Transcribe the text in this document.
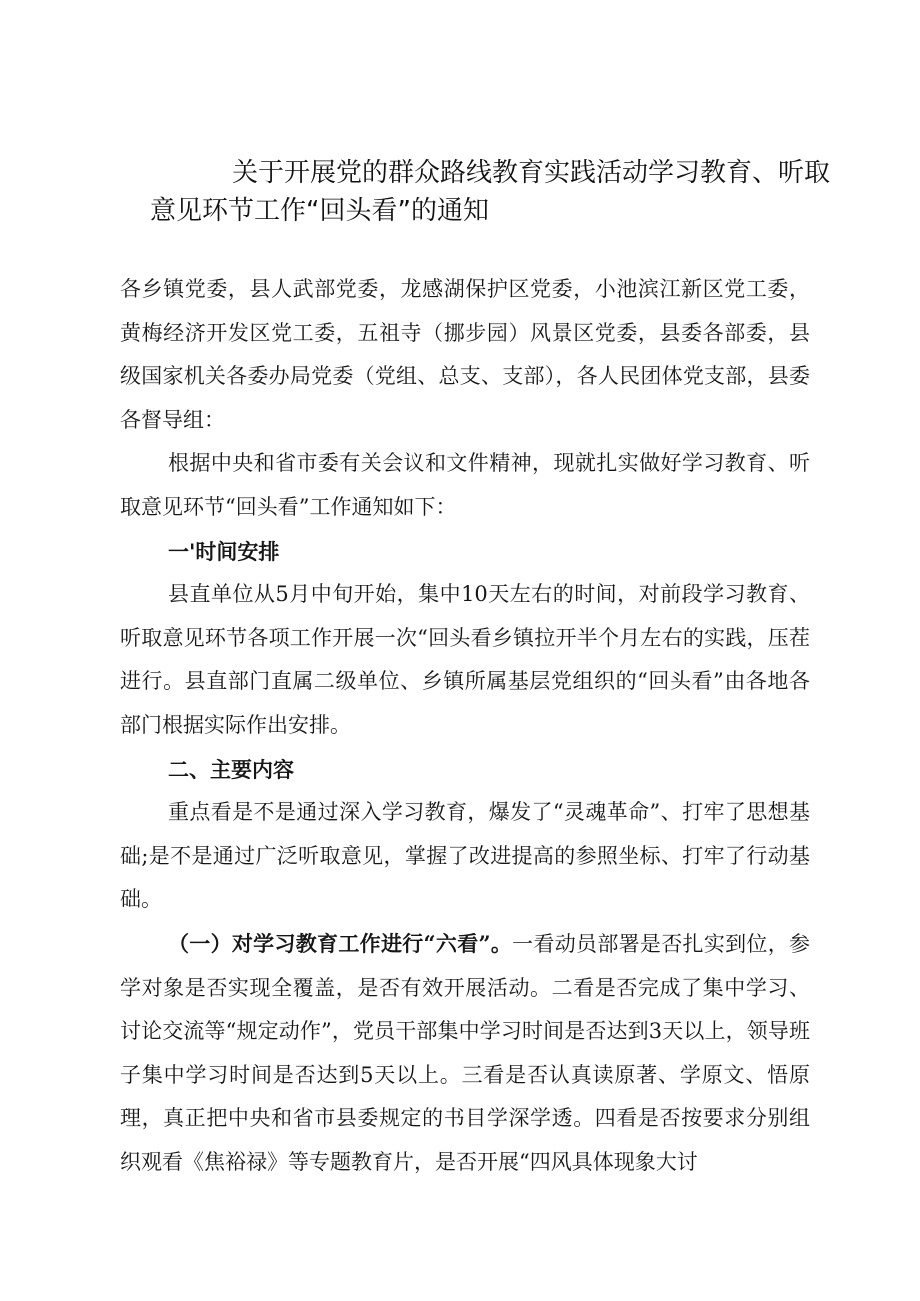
关于开展党的群众路线教育实践活动学习教育、听取
意见环节工作“回头看”的通知

各乡镇党委，县人武部党委，龙感湖保护区党委，小池滨江新区党工委，黄梅经济开发区党工委，五祖寺（挪步园）风景区党委，县委各部委，县级国家机关各委办局党委（党组、总支、支部），各人民团体党支部，县委各督导组：

根据中央和省市委有关会议和文件精神，现就扎实做好学习教育、听取意见环节“回头看”工作通知如下：

一'时间安排

县直单位从5月中旬开始，集中10天左右的时间，对前段学习教育、听取意见环节各项工作开展一次“回头看乡镇拉开半个月左右的实践，压茬进行。县直部门直属二级单位、乡镇所属基层党组织的“回头看”由各地各部门根据实际作出安排。

二、主要内容

重点看是不是通过深入学习教育，爆发了“灵魂革命”、打牢了思想基础;是不是通过广泛听取意见，掌握了改进提高的参照坐标、打牢了行动基础。

（一）对学习教育工作进行“六看”。一看动员部署是否扎实到位，参学对象是否实现全覆盖，是否有效开展活动。二看是否完成了集中学习、讨论交流等“规定动作”，党员干部集中学习时间是否达到3天以上，领导班子集中学习时间是否达到5天以上。三看是否认真读原著、学原文、悟原理，真正把中央和省市县委规定的书目学深学透。四看是否按要求分别组织观看《焦裕禄》等专题教育片，是否开展“四风具体现象大讨
